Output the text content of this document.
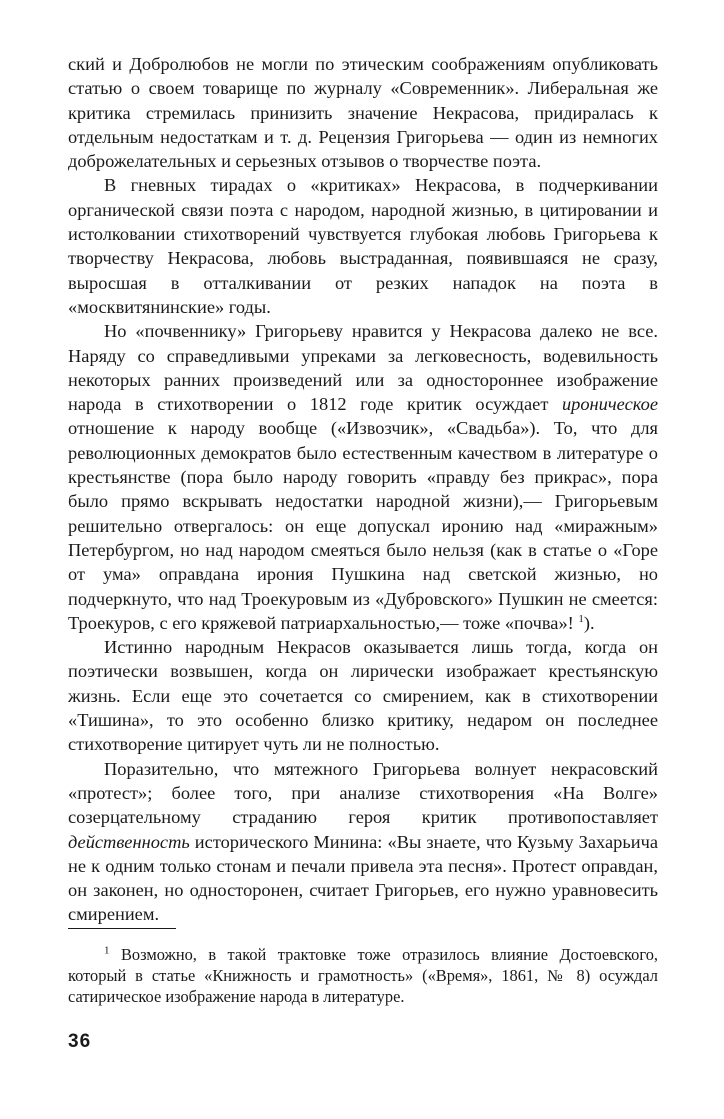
ский и Добролюбов не могли по этическим соображениям опубликовать статью о своем товарище по журналу «Современник». Либеральная же критика стремилась принизить значение Некрасова, придиралась к отдельным недостаткам и т. д. Рецензия Григорьева — один из немногих доброжелательных и серьезных отзывов о творчестве поэта.

В гневных тирадах о «критиках» Некрасова, в подчеркивании органической связи поэта с народом, народной жизнью, в цитировании и истолковании стихотворений чувствуется глубокая любовь Григорьева к творчеству Некрасова, любовь выстраданная, появившаяся не сразу, выросшая в отталкивании от резких нападок на поэта в «москвитянинские» годы.

Но «почвеннику» Григорьеву нравится у Некрасова далеко не все. Наряду со справедливыми упреками за легковесность, водевильность некоторых ранних произведений или за одностороннее изображение народа в стихотворении о 1812 годе критик осуждает ироническое отношение к народу вообще («Извозчик», «Свадьба»). То, что для революционных демократов было естественным качеством в литературе о крестьянстве (пора было народу говорить «правду без прикрас», пора было прямо вскрывать недостатки народной жизни),— Григорьевым решительно отвергалось: он еще допускал иронию над «миражным» Петербургом, но над народом смеяться было нельзя (как в статье о «Горе от ума» оправдана ирония Пушкина над светской жизнью, но подчеркнуто, что над Троекуровым из «Дубровского» Пушкин не смеется: Троекуров, с его кряжевой патриархальностью,— тоже «почва»! $^1$).

Истинно народным Некрасов оказывается лишь тогда, когда он поэтически возвышен, когда он лирически изображает крестьянскую жизнь. Если еще это сочетается со смирением, как в стихотворении «Тишина», то это особенно близко критику, недаром он последнее стихотворение цитирует чуть ли не полностью.

Поразительно, что мятежного Григорьева волнует некрасовский «протест»; более того, при анализе стихотворения «На Волге» созерцательному страданию героя критик противопоставляет действенность исторического Минина: «Вы знаете, что Кузьму Захарьича не к одним только стонам и печали привела эта песня». Протест оправдан, он законен, но односторонен, считает Григорьев, его нужно уравновесить смирением.

$^1$ Возможно, в такой трактовке тоже отразилось влияние Достоевского, который в статье «Книжность и грамотность» («Время», 1861, № 8) осуждал сатирическое изображение народа в литературе.

36
